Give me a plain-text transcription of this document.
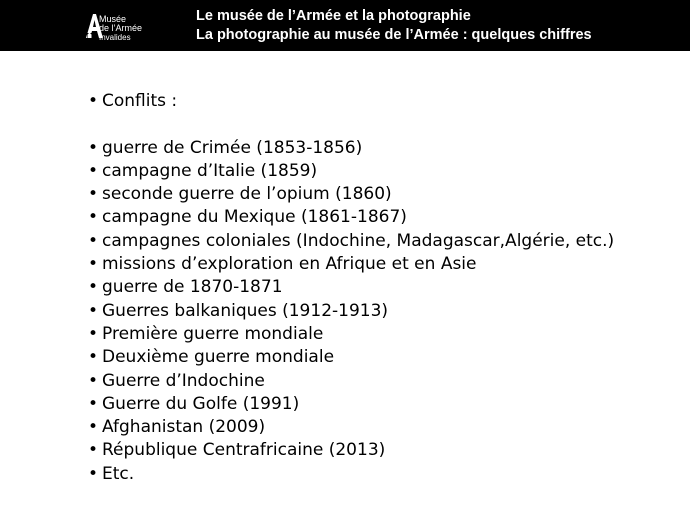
Musée
de l’Armée
Invalides
Le musée de l’Armée et la photographie
La photographie au musée de l’Armée : quelques chiffres
• Conflits :
• guerre de Crimée (1853-1856)
• campagne d’Italie (1859)
• seconde guerre de l’opium (1860)
• campagne du Mexique (1861-1867)
• campagnes coloniales (Indochine, Madagascar,Algérie, etc.)
• missions d’exploration en Afrique et en Asie
• guerre de 1870-1871
• Guerres balkaniques (1912-1913)
• Première guerre mondiale
• Deuxième guerre mondiale
• Guerre d’Indochine
• Guerre du Golfe (1991)
• Afghanistan (2009)
• République Centrafricaine (2013)
• Etc.
